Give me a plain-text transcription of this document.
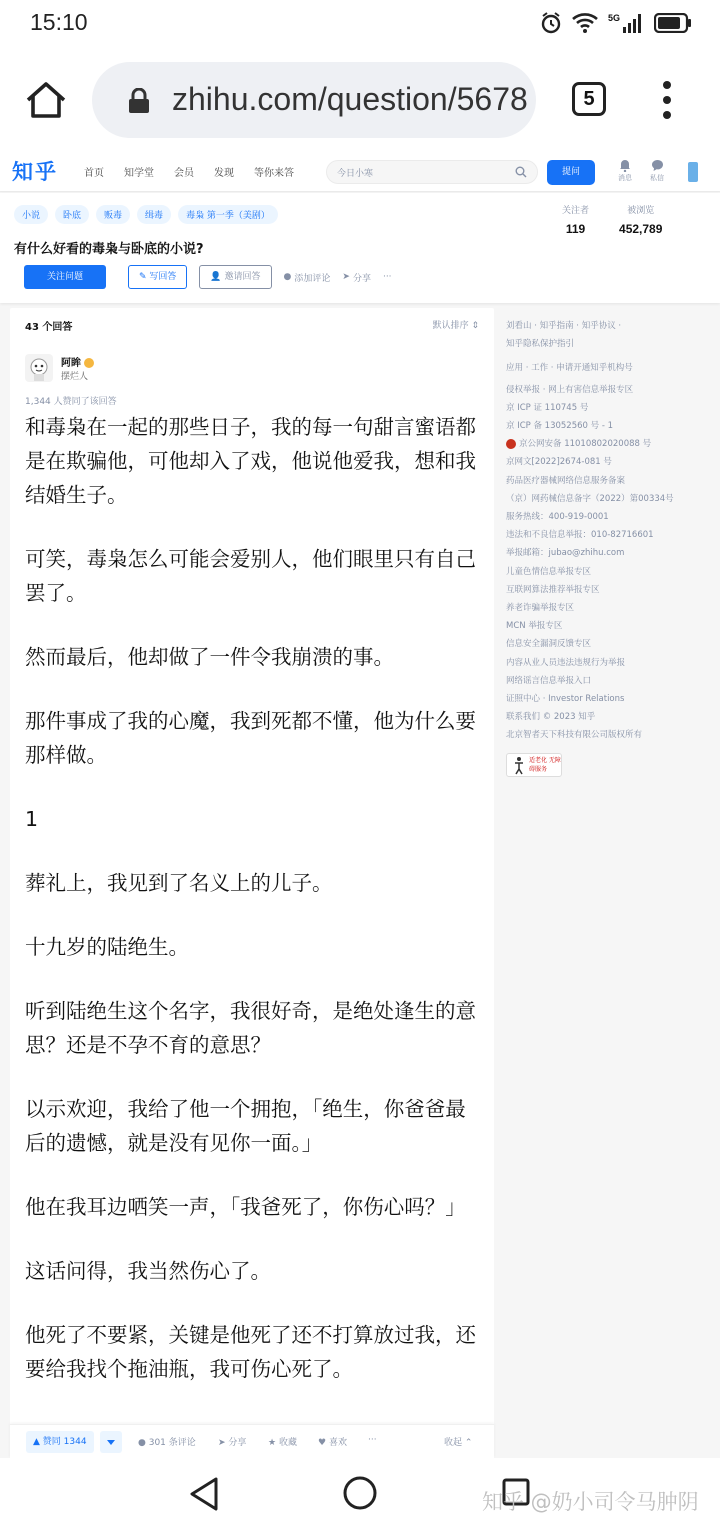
15:10	5G
zhihu.com/question/5678	5
知乎	首页 知学堂 会员 发现 等你来答	今日小寒	提问
消息	私信
小说	卧底	贩毒	缉毒	毒枭 第一季（美剧）
有什么好看的毒枭与卧底的小说?
关注者
119
被浏览
452,789
关注问题	✎ 写回答	👤 邀请回答	● 添加评论 ➤ 分享 ···
43 个回答	默认排序 ⇕
阿眸
摆烂人
1,344 人赞同了该回答

和毒枭在一起的那些日子，我的每一句甜言蜜语都是在欺骗他，可他却入了戏，他说他爱我，想和我结婚生子。

可笑，毒枭怎么可能会爱别人，他们眼里只有自己罢了。

然而最后，他却做了一件令我崩溃的事。

那件事成了我的心魔，我到死都不懂，他为什么要那样做。

1

葬礼上，我见到了名义上的儿子。

十九岁的陆绝生。

听到陆绝生这个名字，我很好奇，是绝处逢生的意思？还是不孕不育的意思？

以示欢迎，我给了他一个拥抱，「绝生，你爸爸最后的遗憾，就是没有见你一面。」

他在我耳边哂笑一声，「我爸死了，你伤心吗？」

这话问得，我当然伤心了。

他死了不要紧，关键是他死了还不打算放过我，还要给我找个拖油瓶，我可伤心死了。

▲ 赞同 1344	● 301 条评论 ➤ 分享 ★ 收藏 ♥ 喜欢 ···	收起 ⌃
刘看山 · 知乎指南 · 知乎协议 ·
知乎隐私保护指引
应用 · 工作 · 申请开通知乎机构号
侵权举报 · 网上有害信息举报专区
京 ICP 证 110745 号
京 ICP 备 13052560 号 - 1
京公网安备 11010802020088 号
京网文[2022]2674-081 号
药品医疗器械网络信息服务备案
（京）网药械信息备字（2022）第00334号
服务热线：400-919-0001
违法和不良信息举报：010-82716601
举报邮箱：jubao@zhihu.com
儿童色情信息举报专区
互联网算法推荐举报专区
养老诈骗举报专区
MCN 举报专区
信息安全漏洞反馈专区
内容从业人员违法违规行为举报
网络谣言信息举报入口
证照中心 · Investor Relations
联系我们 © 2023 知乎
北京智者天下科技有限公司版权所有
适老化 无障碍服务
知乎 @奶小司令马肿阴
